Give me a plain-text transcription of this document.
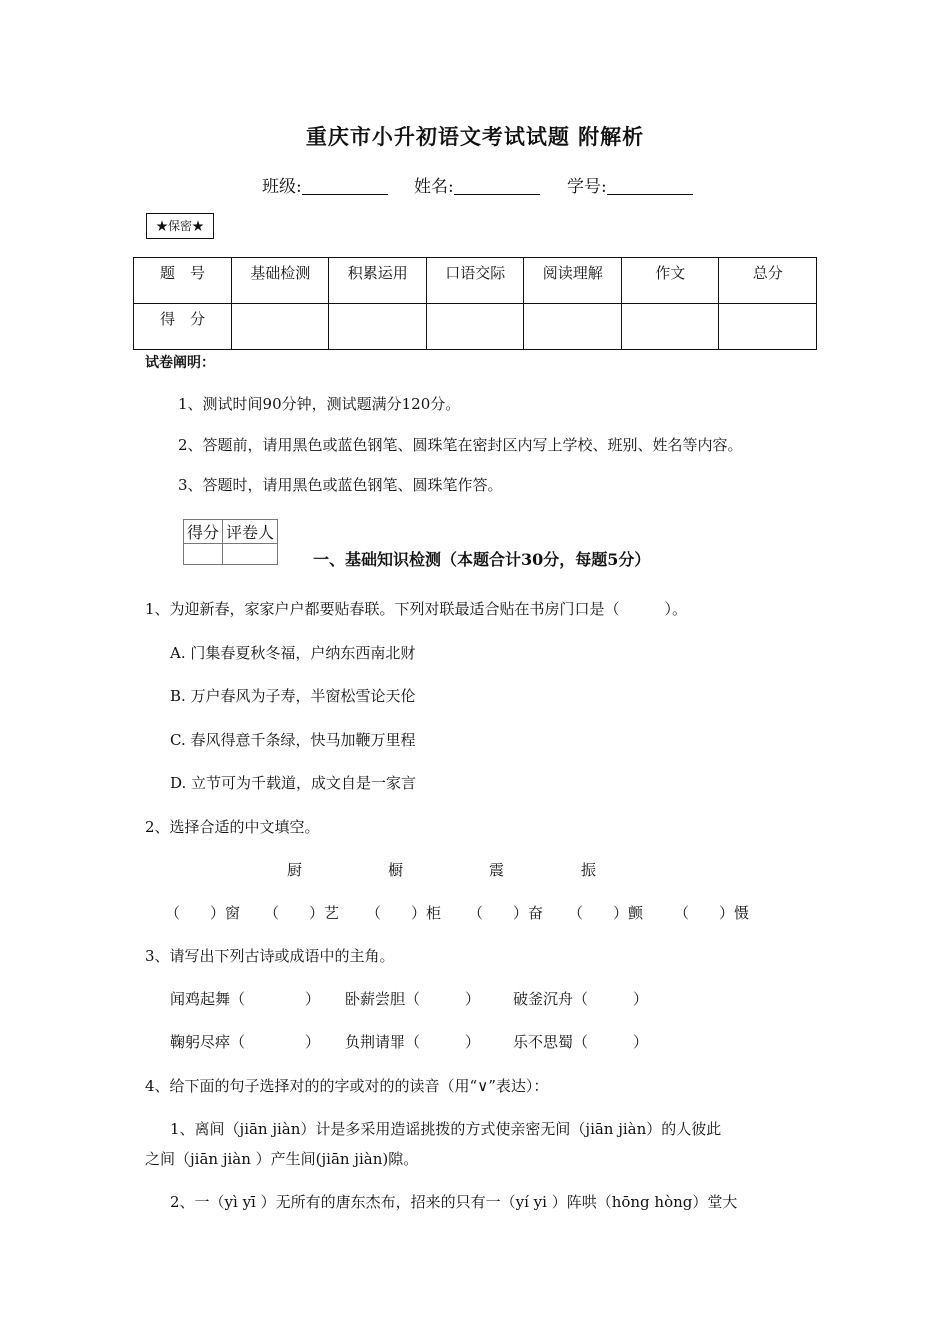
重庆市小升初语文考试试题 附解析
班级:	姓名:	学号:
★保密★
题　号	基础检测	积累运用	口语交际	阅读理解	作文	总分
得　分						
试卷阐明：
1、测试时间90分钟，测试题满分120分。
2、答题前，请用黑色或蓝色钢笔、圆珠笔在密封区内写上学校、班别、姓名等内容。
3、答题时，请用黑色或蓝色钢笔、圆珠笔作答。
得分	评卷人

一、基础知识检测（本题合计30分，每题5分）
1、为迎新春，家家户户都要贴春联。下列对联最适合贴在书房门口是（　　　）。
A. 门集春夏秋冬福，户纳东西南北财
B. 万户春风为子寿，半窗松雪论天伦
C. 春风得意千条绿，快马加鞭万里程
D. 立节可为千载道，成文自是一家言
2、选择合适的中文填空。
厨	橱	震	振
（　　）窗 （　　）艺 （　　）柜 （　　）奋 （　　）颤 （　　）慑
3、请写出下列古诗或成语中的主角。
闻鸡起舞（　　　　） 卧薪尝胆（　　　） 破釜沉舟（　　　）
鞠躬尽瘁（　　　　） 负荆请罪（　　　） 乐不思蜀（　　　）
4、给下面的句子选择对的的字或对的的读音（用“∨”表达）：
1、离间（jiān jiàn）计是多采用造谣挑拨的方式使亲密无间（jiān jiàn）的人彼此
之间（jiān jiàn ）产生间(jiān jiàn)隙。
2、一（yì yī ）无所有的唐东杰布，招来的只有一（yí yi ）阵哄（hōng hòng）堂大
